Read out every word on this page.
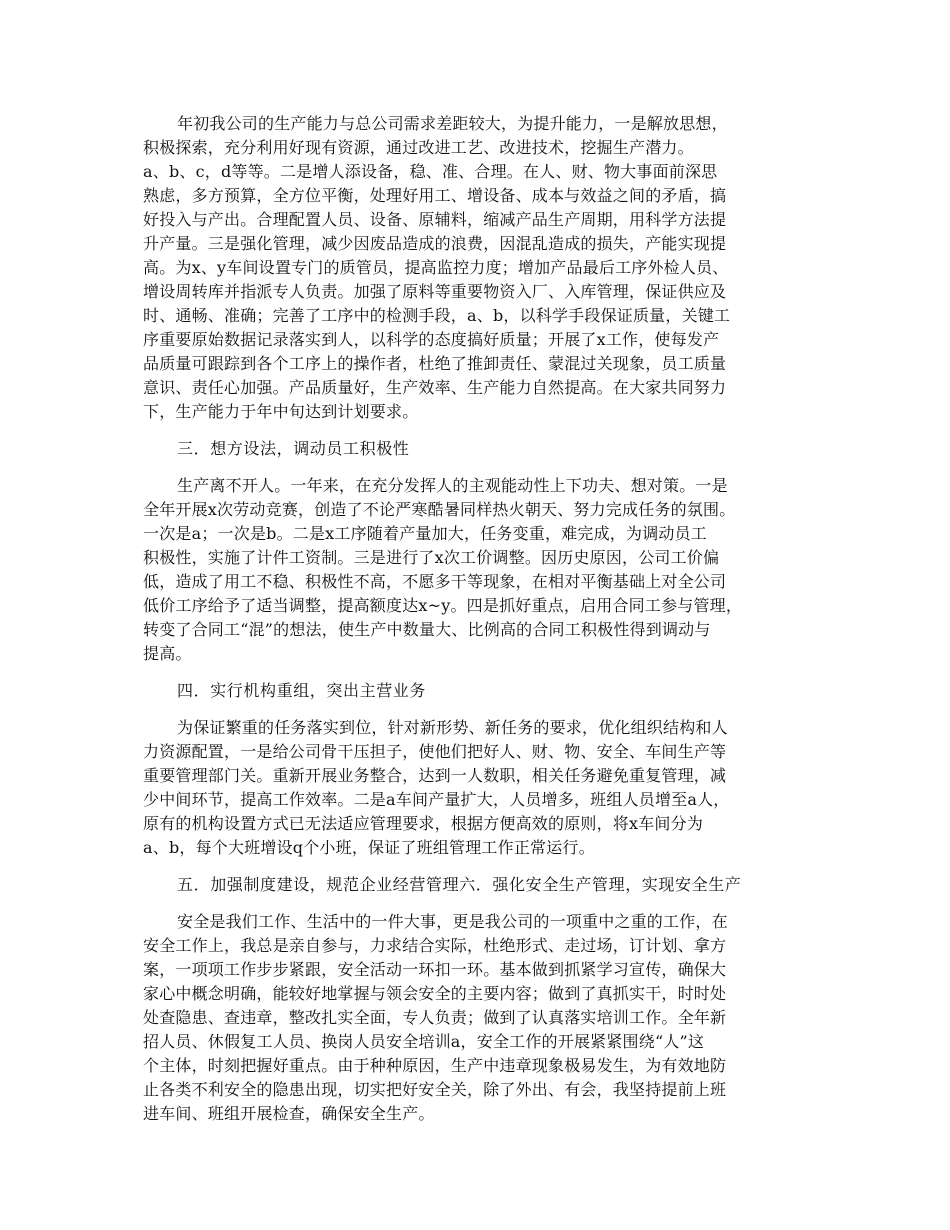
年初我公司的生产能力与总公司需求差距较大，为提升能力，一是解放思想，
积极探索，充分利用好现有资源，通过改进工艺、改进技术，挖掘生产潜力。
a、b、c，d等等。二是增人添设备，稳、准、合理。在人、财、物大事面前深思
熟虑，多方预算，全方位平衡，处理好用工、增设备、成本与效益之间的矛盾，搞
好投入与产出。合理配置人员、设备、原辅料，缩减产品生产周期，用科学方法提
升产量。三是强化管理，减少因废品造成的浪费，因混乱造成的损失，产能实现提
高。为x、y车间设置专门的质管员，提高监控力度；增加产品最后工序外检人员、
增设周转库并指派专人负责。加强了原料等重要物资入厂、入库管理，保证供应及
时、通畅、准确；完善了工序中的检测手段，a、b，以科学手段保证质量，关键工
序重要原始数据记录落实到人，以科学的态度搞好质量；开展了x工作，使每发产
品质量可跟踪到各个工序上的操作者，杜绝了推卸责任、蒙混过关现象，员工质量
意识、责任心加强。产品质量好，生产效率、生产能力自然提高。在大家共同努力
下，生产能力于年中旬达到计划要求。
三．想方设法，调动员工积极性
生产离不开人。一年来，在充分发挥人的主观能动性上下功夫、想对策。一是
全年开展x次劳动竞赛，创造了不论严寒酷暑同样热火朝天、努力完成任务的氛围。
一次是a；一次是b。二是x工序随着产量加大，任务变重，难完成，为调动员工
积极性，实施了计件工资制。三是进行了x次工价调整。因历史原因，公司工价偏
低，造成了用工不稳、积极性不高，不愿多干等现象，在相对平衡基础上对全公司
低价工序给予了适当调整，提高额度达x~y。四是抓好重点，启用合同工参与管理，
转变了合同工“混”的想法，使生产中数量大、比例高的合同工积极性得到调动与
提高。
四．实行机构重组，突出主营业务
为保证繁重的任务落实到位，针对新形势、新任务的要求，优化组织结构和人
力资源配置，一是给公司骨干压担子，使他们把好人、财、物、安全、车间生产等
重要管理部门关。重新开展业务整合，达到一人数职，相关任务避免重复管理，减
少中间环节，提高工作效率。二是a车间产量扩大，人员增多，班组人员增至a人，
原有的机构设置方式已无法适应管理要求，根据方便高效的原则，将x车间分为
a、b，每个大班增设q个小班，保证了班组管理工作正常运行。
五．加强制度建设，规范企业经营管理六．强化安全生产管理，实现安全生产
安全是我们工作、生活中的一件大事，更是我公司的一项重中之重的工作，在
安全工作上，我总是亲自参与，力求结合实际，杜绝形式、走过场，订计划、拿方
案，一项项工作步步紧跟，安全活动一环扣一环。基本做到抓紧学习宣传，确保大
家心中概念明确，能较好地掌握与领会安全的主要内容；做到了真抓实干，时时处
处查隐患、查违章，整改扎实全面，专人负责；做到了认真落实培训工作。全年新
招人员、休假复工人员、换岗人员安全培训a，安全工作的开展紧紧围绕“人”这
个主体，时刻把握好重点。由于种种原因，生产中违章现象极易发生，为有效地防
止各类不利安全的隐患出现，切实把好安全关，除了外出、有会，我坚持提前上班
进车间、班组开展检查，确保安全生产。
